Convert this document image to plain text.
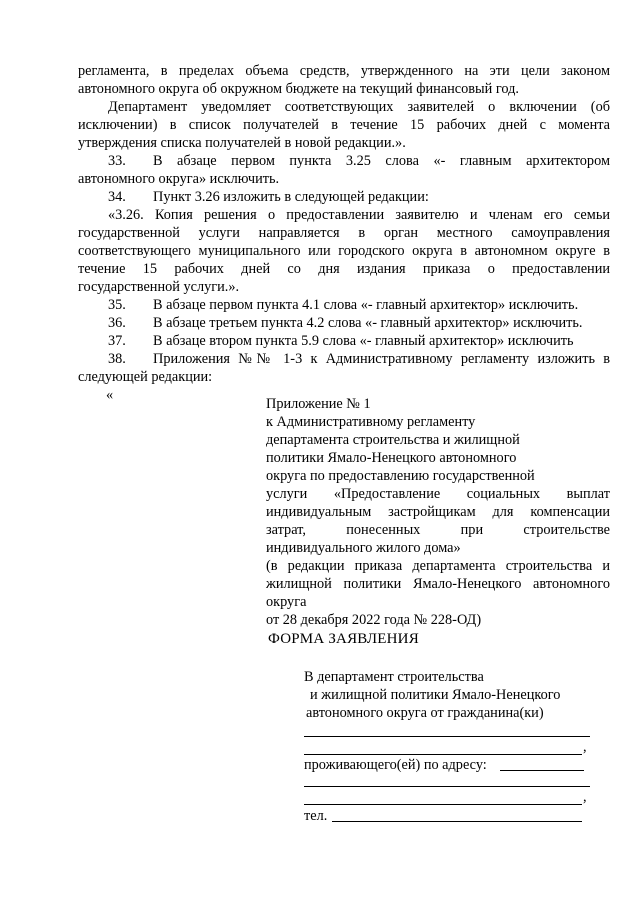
регламента, в пределах объема средств, утвержденного на эти цели законом
автономного округа об окружном бюджете на текущий финансовый год.
Департамент уведомляет соответствующих заявителей о включении (об
исключении) в список получателей в течение 15 рабочих дней с момента
утверждения списка получателей в новой редакции.».
33. В абзаце первом пункта 3.25 слова «- главным архитектором
автономного округа» исключить.
34. Пункт 3.26 изложить в следующей редакции:
«3.26. Копия решения о предоставлении заявителю и членам его семьи
государственной услуги направляется в орган местного самоуправления
соответствующего муниципального или городского округа в автономном округе в
течение 15 рабочих дней со дня издания приказа о предоставлении
государственной услуги.».
35. В абзаце первом пункта 4.1 слова «- главный архитектор» исключить.
36. В абзаце третьем пункта 4.2 слова «- главный архитектор» исключить.
37. В абзаце втором пункта 5.9 слова «- главный архитектор» исключить
38. Приложения №№ 1-3 к Административному регламенту изложить в
следующей редакции:
«
Приложение № 1
к Административному регламенту
департамента строительства и жилищной
политики Ямало-Ненецкого автономного
округа по предоставлению государственной
услуги «Предоставление социальных выплат
индивидуальным застройщикам для компенсации
затрат, понесенных при строительстве
индивидуального жилого дома»
(в редакции приказа департамента строительства и
жилищной политики Ямало-Ненецкого автономного
округа
от 28 декабря 2022 года № 228-ОД)
ФОРМА ЗАЯВЛЕНИЯ
В департамент строительства
и жилищной политики Ямало-Ненецкого
автономного округа от гражданина(ки)
,
проживающего(ей) по адресу:
,
тел.
